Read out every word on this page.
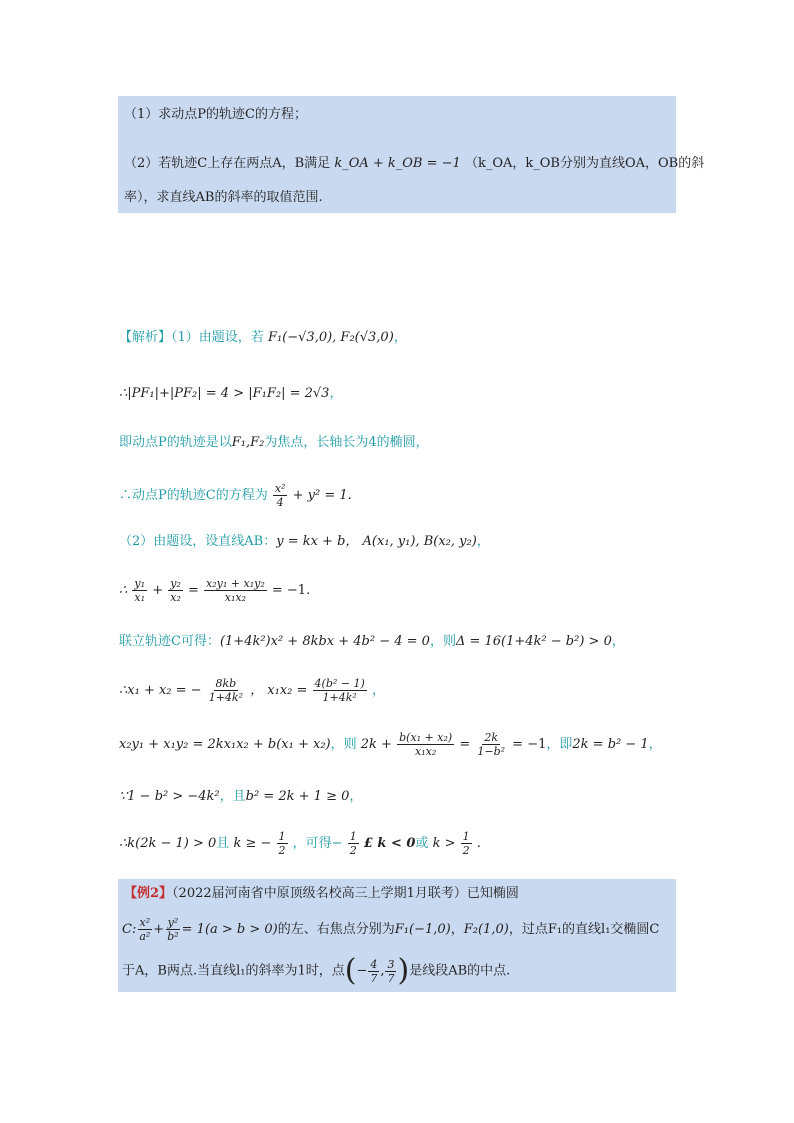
（1）求动点P的轨迹C的方程；
（2）若轨迹C上存在两点A，B满足 k_OA + k_OB = −1 （k_OA，k_OB分别为直线OA，OB的斜
率），求直线AB的斜率的取值范围.
【解析】（1）由题设，若 F₁(−√3,0), F₂(√3,0)，
∴|PF₁|+|PF₂| = 4 > |F₁F₂| = 2√3，
即动点P的轨迹是以F₁,F₂为焦点，长轴长为4的椭圆，
∴动点P的轨迹C的方程为 $\frac{\text{x²}}{4} + y^2 = 1$.
（2）由题设，设直线AB：y = kx + b， A(x₁, y₁), B(x₂, y₂)，
∴ $\frac{\text{y₁}}{\text{x₁}} + \frac{\text{y₂}}{\text{x₂}} = \frac{\text{x₂y₁ + x₁y₂}}{\text{x₁x₂}} = -1$.
联立轨迹C可得：(1+4k²)x² + 8kbx + 4b² − 4 = 0，则Δ = 16(1+4k² − b²) > 0，
∴x₁ + x₂ = − $\frac{8kb}{\text{1+4k²}}$ ， $x_1x_2 = \frac{\text{4(b² − 1)}}{\text{1+4k²}}$ ，
x₂y₁ + x₁y₂ = 2kx₁x₂ + b(x₁ + x₂)，则 $2k + \frac{\text{b(x₁ + x₂)}}{\text{x₁x₂}} = \frac{2k}{\text{1−b²}} = -1$，即2k = b² − 1，
∵1 − b² > −4k²，且b² = 2k + 1 ≥ 0，
∴k(2k − 1) > 0且 k ≥ − $\frac{1}{2}$ ，可得− $\frac{1}{2}$ £ k < 0或 $k > \frac{1}{2}$ .
【例2】（2022届河南省中原顶级名校高三上学期1月联考）已知椭圆
C: $\frac{\text{x²}}{\text{a²}} + \frac{\text{y²}}{\text{b²}} = 1(a > b > 0)$的左、右焦点分别为F₁(−1,0)，F₂(1,0)，过点F₁的直线l₁交椭圆C
于A，B两点.当直线l₁的斜率为1时，点(− $\frac{4}{7}$ , $\frac{3}{7}$ )是线段AB的中点.
